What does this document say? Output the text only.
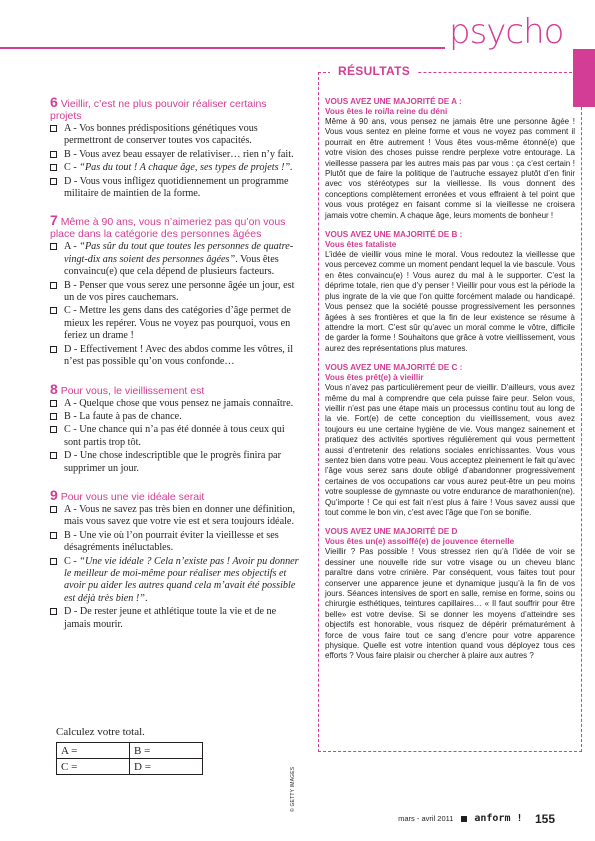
psycho
RÉSULTATS
6 Vieillir, c’est ne plus pouvoir réaliser certains projets
A - Vos bonnes prédispositions génétiques vous permettront de conserver toutes vos capacités.
B - Vous avez beau essayer de relativiser… rien n’y fait.
C - “Pas du tout ! A chaque âge, ses types de projets !”.
D - Vous vous infligez quotidiennement un programme militaire de maintien de la forme.
7 Même à 90 ans, vous n’aimeriez pas qu’on vous place dans la catégorie des personnes âgées
A - “Pas sûr du tout que toutes les personnes de quatre-vingt-dix ans soient des personnes âgées”. Vous êtes convaincu(e) que cela dépend de plusieurs facteurs.
B - Penser que vous serez une personne âgée un jour, est un de vos pires cauchemars.
C - Mettre les gens dans des catégories d’âge permet de mieux les repérer. Vous ne voyez pas pourquoi, vous en feriez un drame !
D - Effectivement ! Avec des abdos comme les vôtres, il n’est pas possible qu’on vous confonde…
8 Pour vous, le vieillissement est
A - Quelque chose que vous pensez ne jamais connaître.
B - La faute à pas de chance.
C - Une chance qui n’a pas été donnée à tous ceux qui sont partis trop tôt.
D - Une chose indescriptible que le progrès finira par supprimer un jour.
9 Pour vous une vie idéale serait
A - Vous ne savez pas très bien en donner une définition, mais vous savez que votre vie est et sera toujours idéale.
B - Une vie où l’on pourrait éviter la vieillesse et ses désagréments inéluctables.
C - “Une vie idéale ? Cela n’existe pas ! Avoir pu donner le meilleur de moi-même pour réaliser mes objectifs et avoir pu aider les autres quand cela m’avait été possible est déjà très bien !”.
D - De rester jeune et athlétique toute la vie et de ne jamais mourir.
Calculez votre total.
A =	B =
C =	D =
© GETTY IMAGES
VOUS AVEZ UNE MAJORITÉ DE A :
Vous êtes le roi/la reine du déni
Même à 90 ans, vous pensez ne jamais être une personne âgée ! Vous vous sentez en pleine forme et vous ne voyez pas comment il pourrait en être autrement ! Vous êtes vous-même étonné(e) que votre vision des choses puisse rendre perplexe votre entourage. La vieillesse passera par les autres mais pas par vous : ça c’est certain ! Plutôt que de faire la politique de l’autruche essayez plutôt d’en finir avec vos stéréotypes sur la vieillesse. Ils vous donnent des conceptions complètement erronées et vous effraient à tel point que vous vous protégez en faisant comme si la vieillesse ne croisera jamais votre chemin. A chaque âge, leurs moments de bonheur !
VOUS AVEZ UNE MAJORITÉ DE B :
Vous êtes fataliste
L’idée de vieillir vous mine le moral. Vous redoutez la vieillesse que vous percevez comme un moment pendant lequel la vie bascule. Vous en êtes convaincu(e) ! Vous aurez du mal à le supporter. C’est la déprime totale, rien que d’y penser ! Vieillir pour vous est la période la plus ingrate de la vie que l’on quitte forcément malade ou handicapé. Vous pensez que la société pousse progressivement les personnes âgées à ses frontières et que la fin de leur existence se résume à attendre la mort. C’est sûr qu’avec un moral comme le vôtre, difficile de garder la forme ! Souhaitons que grâce à votre vieillissement, vous aurez des représentations plus matures.
VOUS AVEZ UNE MAJORITÉ DE C :
Vous êtes prêt(e) à vieillir
Vous n’avez pas particulièrement peur de vieillir. D’ailleurs, vous avez même du mal à comprendre que cela puisse faire peur. Selon vous, vieillir n’est pas une étape mais un processus continu tout au long de la vie. Fort(e) de cette conception du vieillissement, vous avez toujours eu une certaine hygiène de vie. Vous mangez sainement et pratiquez des activités sportives régulièrement qui vous permettent aussi d’entretenir des relations sociales enrichissantes. Vous vous sentez bien dans votre peau. Vous acceptez pleinement le fait qu’avec l’âge vous serez sans doute obligé d’abandonner progressivement certaines de vos occupations car vous aurez peut-être un peu moins votre souplesse de gymnaste ou votre endurance de marathonien(ne). Qu’importe ! Ce qui est fait n’est plus à faire ! Vous savez aussi que tout comme le bon vin, c’est avec l’âge que l’on se bonifie.
VOUS AVEZ UNE MAJORITÉ DE D
Vous êtes un(e) assoiffé(e) de jouvence éternelle
Vieillir ? Pas possible ! Vous stressez rien qu’à l’idée de voir se dessiner une nouvelle ride sur votre visage ou un cheveu blanc paraître dans votre crinière. Par conséquent, vous faites tout pour conserver une apparence jeune et dynamique jusqu’à la fin de vos jours. Séances intensives de sport en salle, remise en forme, soins ou chirurgie esthétiques, teintures capillaires… « Il faut souffrir pour être belle» est votre devise. Si se donner les moyens d’atteindre ses objectifs est honorable, vous risquez de dépérir prématurément à force de vous faire tout ce sang d’encre pour votre apparence physique. Quelle est votre intention quand vous déployez tous ces efforts ? Vous faire plaisir ou chercher à plaire aux autres ?
mars - avril 2011 anform ! 155
